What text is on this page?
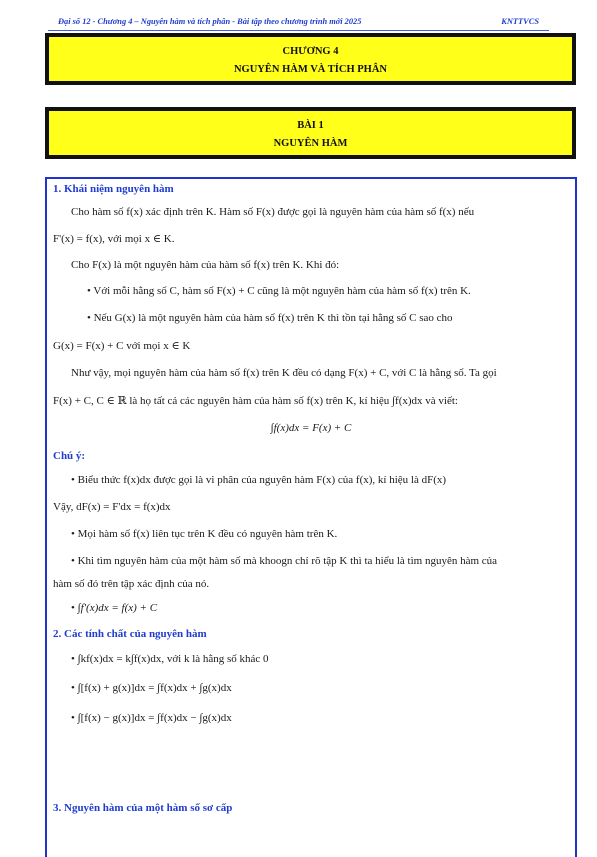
Đại số 12 - Chương 4 – Nguyên hàm và tích phân - Bài tập theo chương trình mới 2025	KNTTVCS
CHƯƠNG 4
NGUYÊN HÀM VÀ TÍCH PHÂN
BÀI 1
NGUYÊN HÀM
1. Khái niệm nguyên hàm
Cho hàm số f(x) xác định trên K. Hàm số F(x) được gọi là nguyên hàm của hàm số f(x) nếu
F'(x) = f(x), với mọi x ∈ K.
Cho F(x) là một nguyên hàm của hàm số f(x) trên K. Khi đó:
• Với mỗi hằng số C, hàm số F(x) + C cũng là một nguyên hàm của hàm số f(x) trên K.
• Nếu G(x) là một nguyên hàm của hàm số f(x) trên K thì tồn tại hằng số C sao cho
G(x) = F(x) + C với mọi x ∈ K
Như vậy, mọi nguyên hàm của hàm số f(x) trên K đều có dạng F(x) + C, với C là hằng số. Ta gọi
F(x) + C, C ∈ ℝ là họ tất cả các nguyên hàm của hàm số f(x) trên K, kí hiệu ∫f(x)dx và viết:
∫f(x)dx = F(x) + C
Chú ý:
• Biểu thức f(x)dx được gọi là vi phân của nguyên hàm F(x) của f(x), kí hiệu là dF(x)
Vậy, dF(x) = F'dx = f(x)dx
• Mọi hàm số f(x) liên tục trên K đều có nguyên hàm trên K.
• Khi tìm nguyên hàm của một hàm số mà khoogn chỉ rõ tập K thì ta hiểu là tìm nguyên hàm của
hàm số đó trên tập xác định của nó.
• ∫f'(x)dx = f(x) + C
2. Các tính chất của nguyên hàm
• ∫kf(x)dx = k∫f(x)dx, với k là hằng số khác 0
• ∫[f(x) + g(x)]dx = ∫f(x)dx + ∫g(x)dx
• ∫[f(x) − g(x)]dx = ∫f(x)dx − ∫g(x)dx
3. Nguyên hàm của một hàm số sơ cấp
